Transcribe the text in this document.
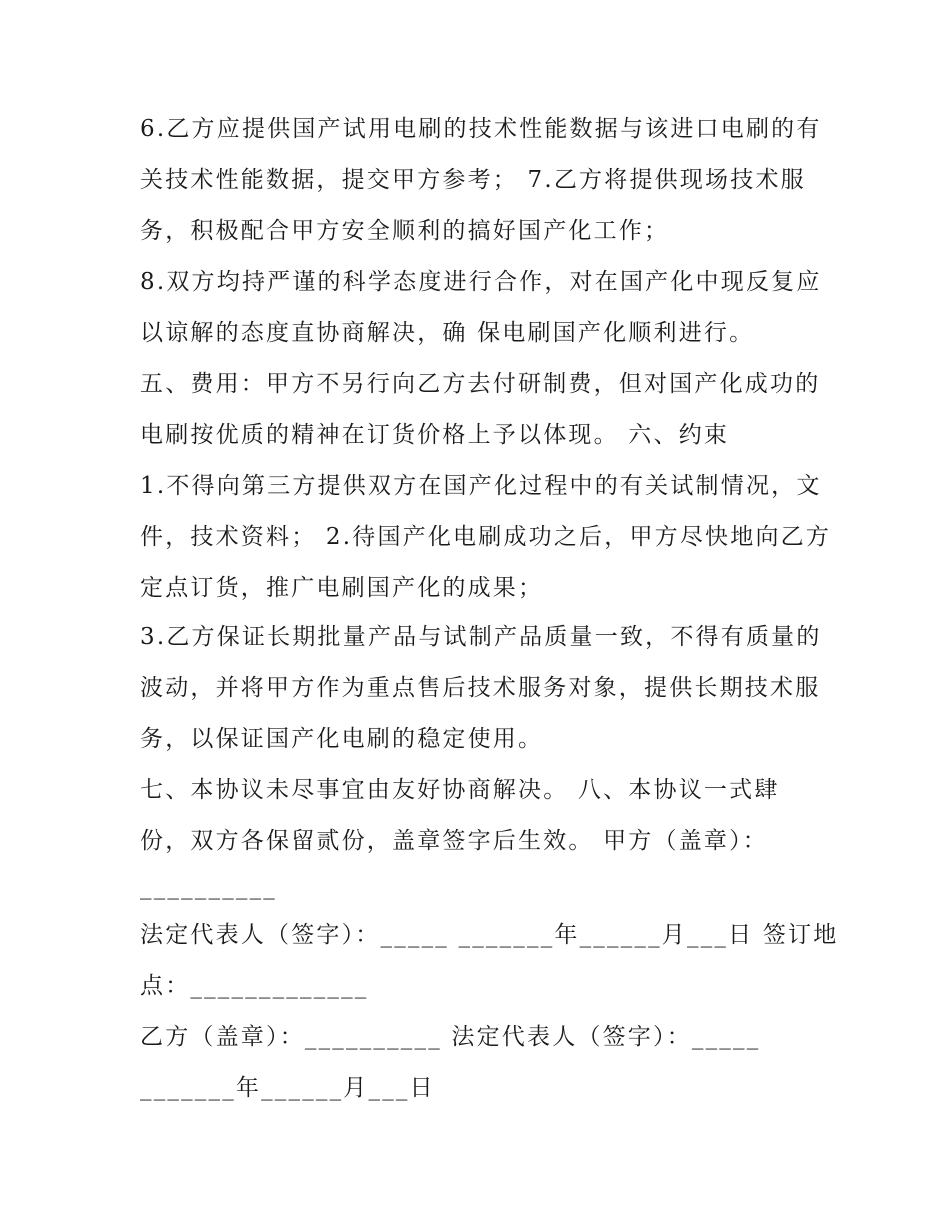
6.乙方应提供国产试用电刷的技术性能数据与该进口电刷的有

关技术性能数据，提交甲方参考； 7.乙方将提供现场技术服

务，积极配合甲方安全顺利的搞好国产化工作；

8.双方均持严谨的科学态度进行合作，对在国产化中现反复应

以谅解的态度直协商解决，确 保电刷国产化顺利进行。

五、费用：甲方不另行向乙方去付研制费，但对国产化成功的

电刷按优质的精神在订货价格上予以体现。 六、约束

1.不得向第三方提供双方在国产化过程中的有关试制情况，文

件，技术资料； 2.待国产化电刷成功之后，甲方尽快地向乙方

定点订货，推广电刷国产化的成果；

3.乙方保证长期批量产品与试制产品质量一致，不得有质量的

波动，并将甲方作为重点售后技术服务对象，提供长期技术服

务，以保证国产化电刷的稳定使用。

七、本协议未尽事宜由友好协商解决。 八、本协议一式肆

份，双方各保留贰份，盖章签字后生效。 甲方（盖章）：

__________

法定代表人（签字）：_____ _______年______月___日 签订地

点：_____________

乙方（盖章）：__________ 法定代表人（签字）：_____

_______年______月___日
